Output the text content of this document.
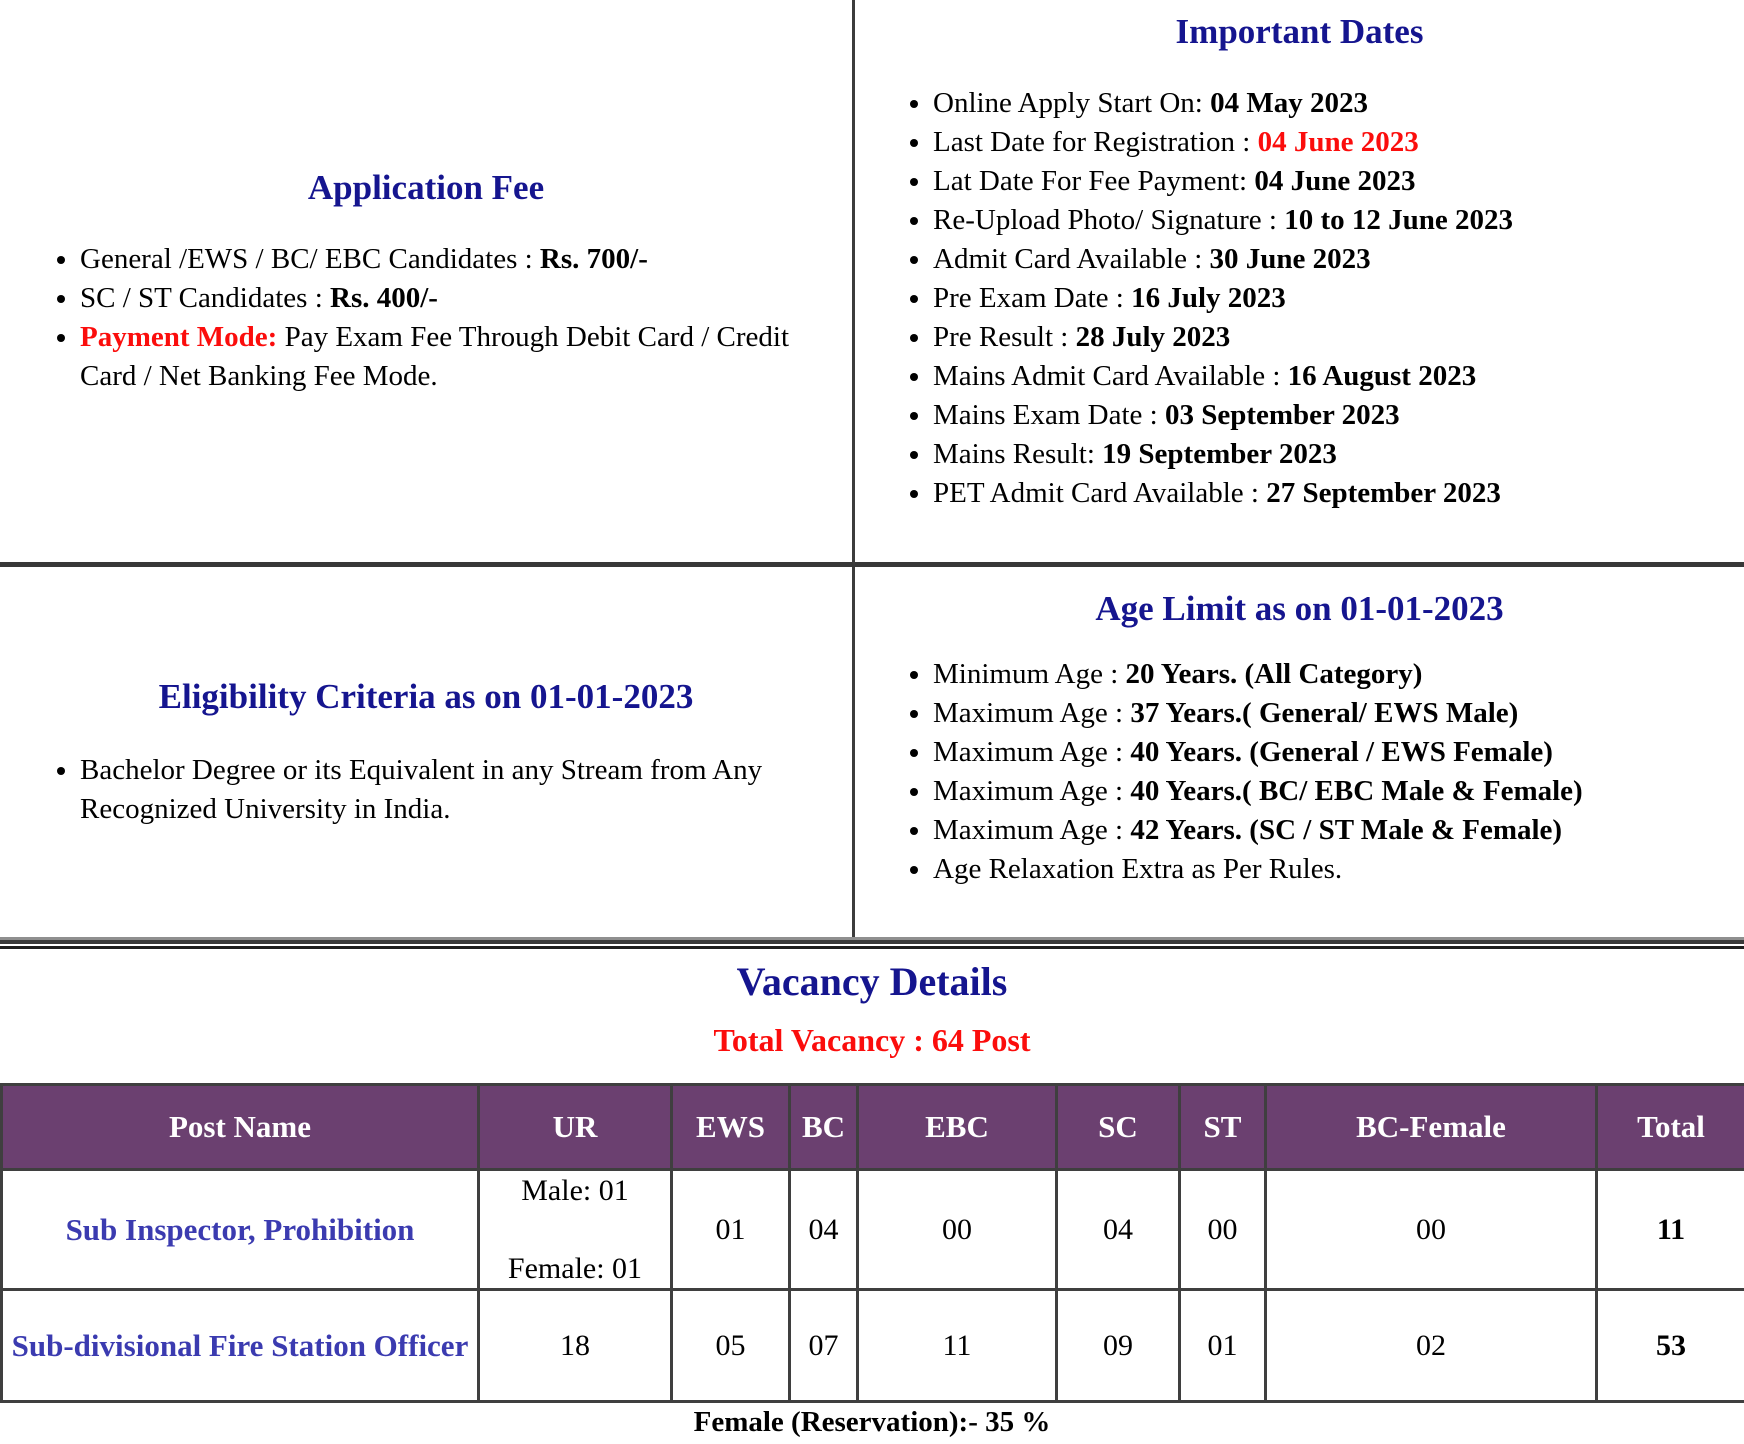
Application Fee
• General /EWS / BC/ EBC Candidates : Rs. 700/-
• SC / ST Candidates : Rs. 400/-
• Payment Mode: Pay Exam Fee Through Debit Card / Credit Card / Net Banking Fee Mode.
Important Dates
• Online Apply Start On: 04 May 2023
• Last Date for Registration : 04 June 2023
• Lat Date For Fee Payment: 04 June 2023
• Re-Upload Photo/ Signature : 10 to 12 June 2023
• Admit Card Available : 30 June 2023
• Pre Exam Date : 16 July 2023
• Pre Result : 28 July 2023
• Mains Admit Card Available : 16 August 2023
• Mains Exam Date : 03 September 2023
• Mains Result: 19 September 2023
• PET Admit Card Available : 27 September 2023
Eligibility Criteria as on 01-01-2023
• Bachelor Degree or its Equivalent in any Stream from Any Recognized University in India.
Age Limit as on 01-01-2023
• Minimum Age : 20 Years. (All Category)
• Maximum Age : 37 Years.( General/ EWS Male)
• Maximum Age : 40 Years. (General / EWS Female)
• Maximum Age : 40 Years.( BC/ EBC Male & Female)
• Maximum Age : 42 Years. (SC / ST Male & Female)
• Age Relaxation Extra as Per Rules.
Vacancy Details
Total Vacancy : 64 Post
Post Name	UR	EWS	BC	EBC	SC	ST	BC-Female	Total
Sub Inspector, Prohibition	Male: 01
Female: 01	01	04	00	04	00	00	11
Sub-divisional Fire Station Officer	18	05	07	11	09	01	02	53
Female (Reservation):- 35 %
